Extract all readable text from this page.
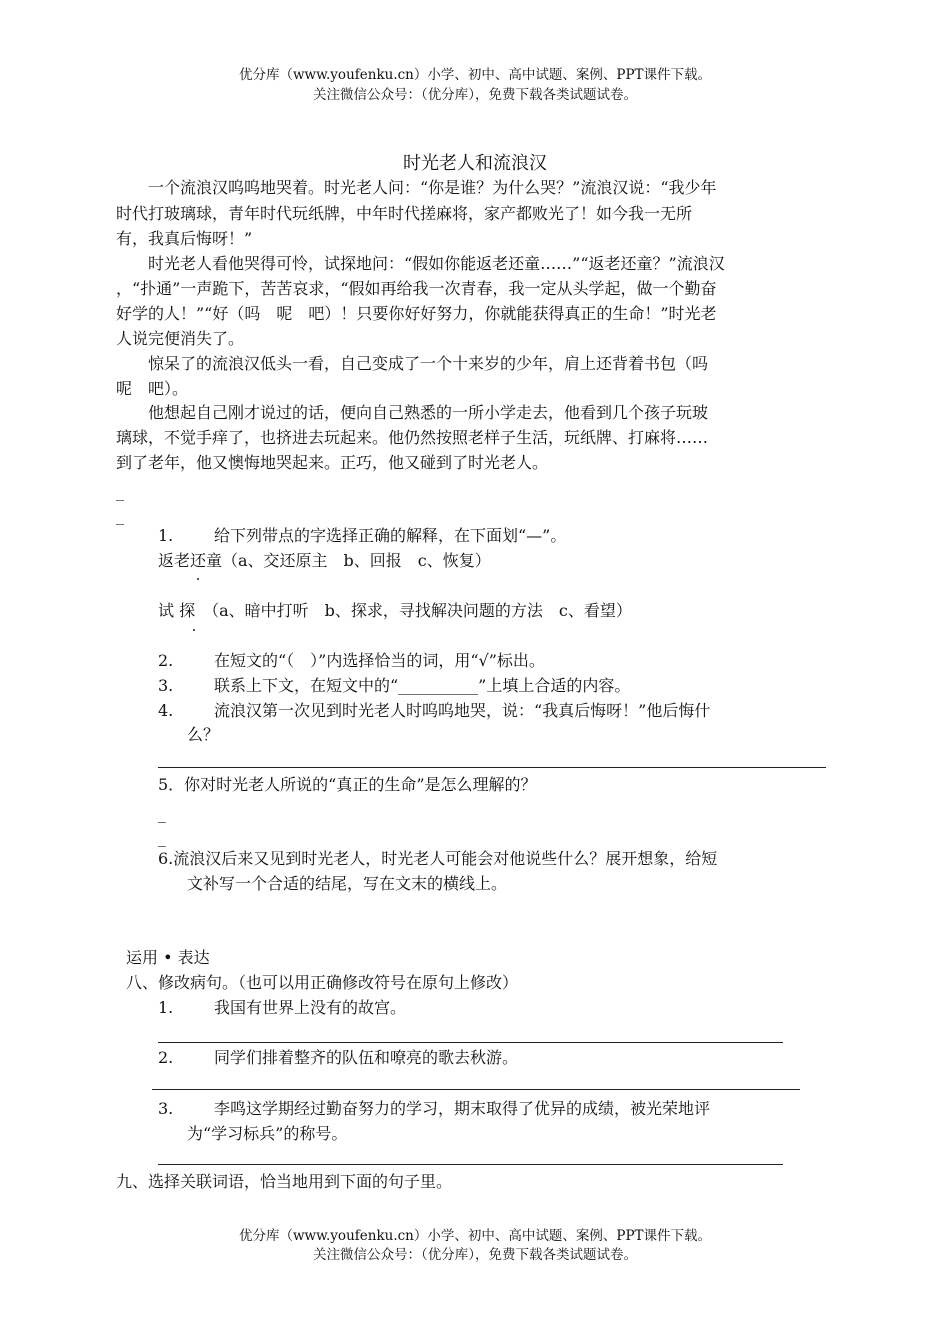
优分库（www.youfenku.cn）小学、初中、高中试题、案例、PPT课件下载。
关注微信公众号：（优分库），免费下载各类试题试卷。
时光老人和流浪汉
一个流浪汉呜呜地哭着。时光老人问：“你是谁？为什么哭？”流浪汉说：“我少年
时代打玻璃球，青年时代玩纸牌，中年时代搓麻将，家产都败光了！如今我一无所
有，我真后悔呀！”
时光老人看他哭得可怜，试探地问：“假如你能返老还童……”“返老还童？”流浪汉
，“扑通”一声跪下，苦苦哀求，“假如再给我一次青春，我一定从头学起，做一个勤奋
好学的人！”“好（吗　呢　吧）！只要你好好努力，你就能获得真正的生命！”时光老
人说完便消失了。
惊呆了的流浪汉低头一看，自己变成了一个十来岁的少年，肩上还背着书包（吗
呢　吧）。
他想起自己刚才说过的话，便向自己熟悉的一所小学走去，他看到几个孩子玩玻
璃球，不觉手痒了，也挤进去玩起来。他仍然按照老样子生活，玩纸牌、打麻将……
到了老年，他又懊悔地哭起来。正巧，他又碰到了时光老人。
_
_
1.	给下列带点的字选择正确的解释，在下面划“—”。
返老还童（a、交还原主　b、回报　c、恢复）
试 探　（a、暗中打听　b、探求，寻找解决问题的方法　c、看望）
2.	在短文的“（　）”内选择恰当的词，用“√”标出。
3.	联系上下文，在短文中的“__________”上填上合适的内容。
4.	流浪汉第一次见到时光老人时呜呜地哭，说：“我真后悔呀！”他后悔什
么？
5．你对时光老人所说的“真正的生命”是怎么理解的？
_
_
6.流浪汉后来又见到时光老人，时光老人可能会对他说些什么？展开想象，给短
文补写一个合适的结尾，写在文末的横线上。
运用 • 表达
八、修改病句。（也可以用正确修改符号在原句上修改）
1.	我国有世界上没有的故宫。
2.	同学们排着整齐的队伍和嘹亮的歌去秋游。
3.	李鸣这学期经过勤奋努力的学习，期末取得了优异的成绩，被光荣地评
为“学习标兵”的称号。
九、选择关联词语，恰当地用到下面的句子里。
优分库（www.youfenku.cn）小学、初中、高中试题、案例、PPT课件下载。
关注微信公众号：（优分库），免费下载各类试题试卷。
